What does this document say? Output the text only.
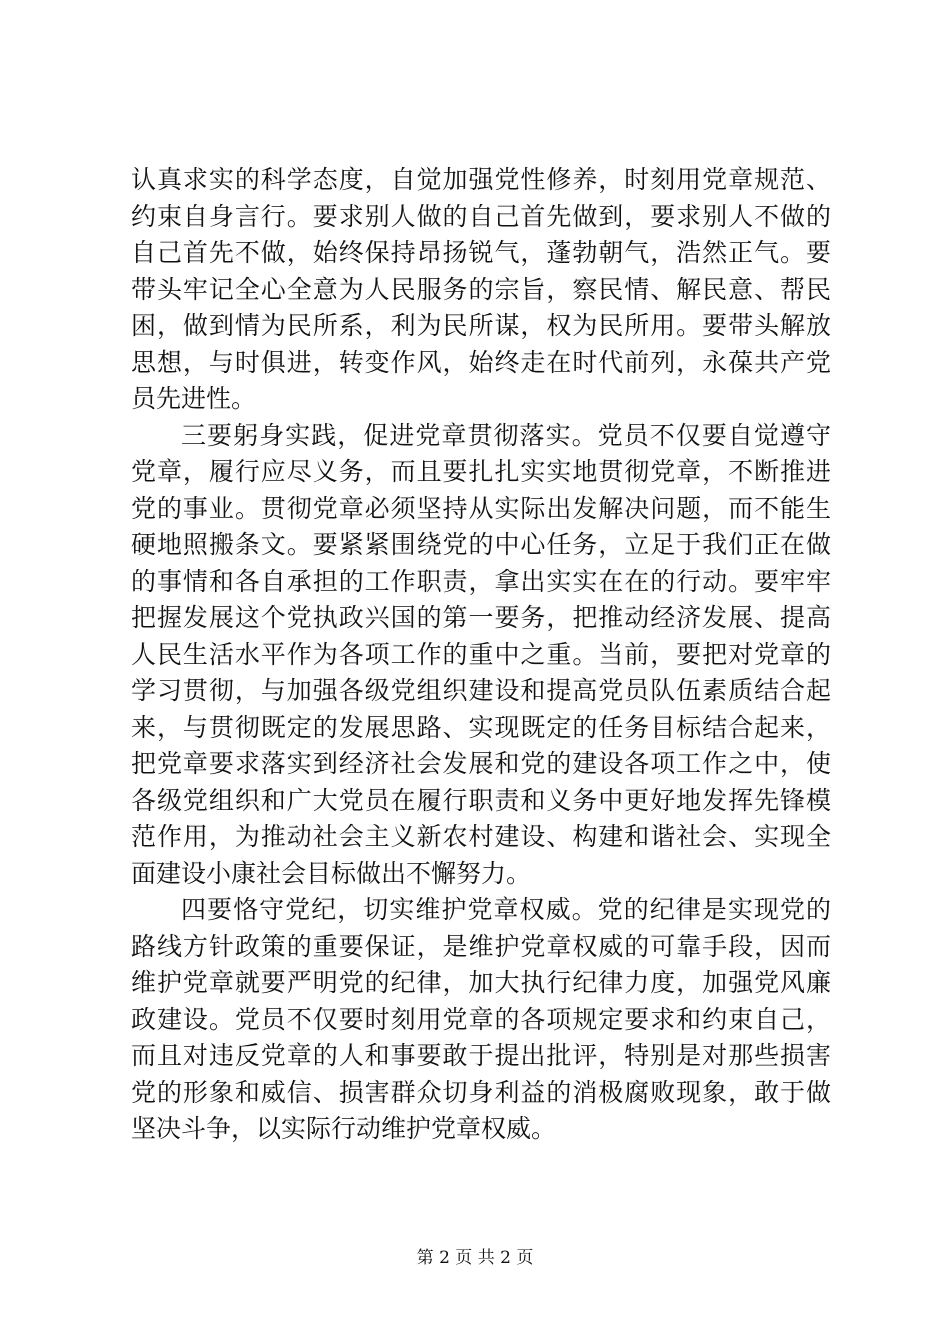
认真求实的科学态度，自觉加强党性修养，时刻用党章规范、
约束自身言行。要求别人做的自己首先做到，要求别人不做的
自己首先不做，始终保持昂扬锐气，蓬勃朝气，浩然正气。要
带头牢记全心全意为人民服务的宗旨，察民情、解民意、帮民
困，做到情为民所系，利为民所谋，权为民所用。要带头解放
思想，与时俱进，转变作风，始终走在时代前列，永葆共产党
员先进性。
三要躬身实践，促进党章贯彻落实。党员不仅要自觉遵守
党章，履行应尽义务，而且要扎扎实实地贯彻党章，不断推进
党的事业。贯彻党章必须坚持从实际出发解决问题，而不能生
硬地照搬条文。要紧紧围绕党的中心任务，立足于我们正在做
的事情和各自承担的工作职责，拿出实实在在的行动。要牢牢
把握发展这个党执政兴国的第一要务，把推动经济发展、提高
人民生活水平作为各项工作的重中之重。当前，要把对党章的
学习贯彻，与加强各级党组织建设和提高党员队伍素质结合起
来，与贯彻既定的发展思路、实现既定的任务目标结合起来，
把党章要求落实到经济社会发展和党的建设各项工作之中，使
各级党组织和广大党员在履行职责和义务中更好地发挥先锋模
范作用，为推动社会主义新农村建设、构建和谐社会、实现全
面建设小康社会目标做出不懈努力。
四要恪守党纪，切实维护党章权威。党的纪律是实现党的
路线方针政策的重要保证，是维护党章权威的可靠手段，因而
维护党章就要严明党的纪律，加大执行纪律力度，加强党风廉
政建设。党员不仅要时刻用党章的各项规定要求和约束自己，
而且对违反党章的人和事要敢于提出批评，特别是对那些损害
党的形象和威信、损害群众切身利益的消极腐败现象，敢于做
坚决斗争，以实际行动维护党章权威。
第 2 页 共 2 页
